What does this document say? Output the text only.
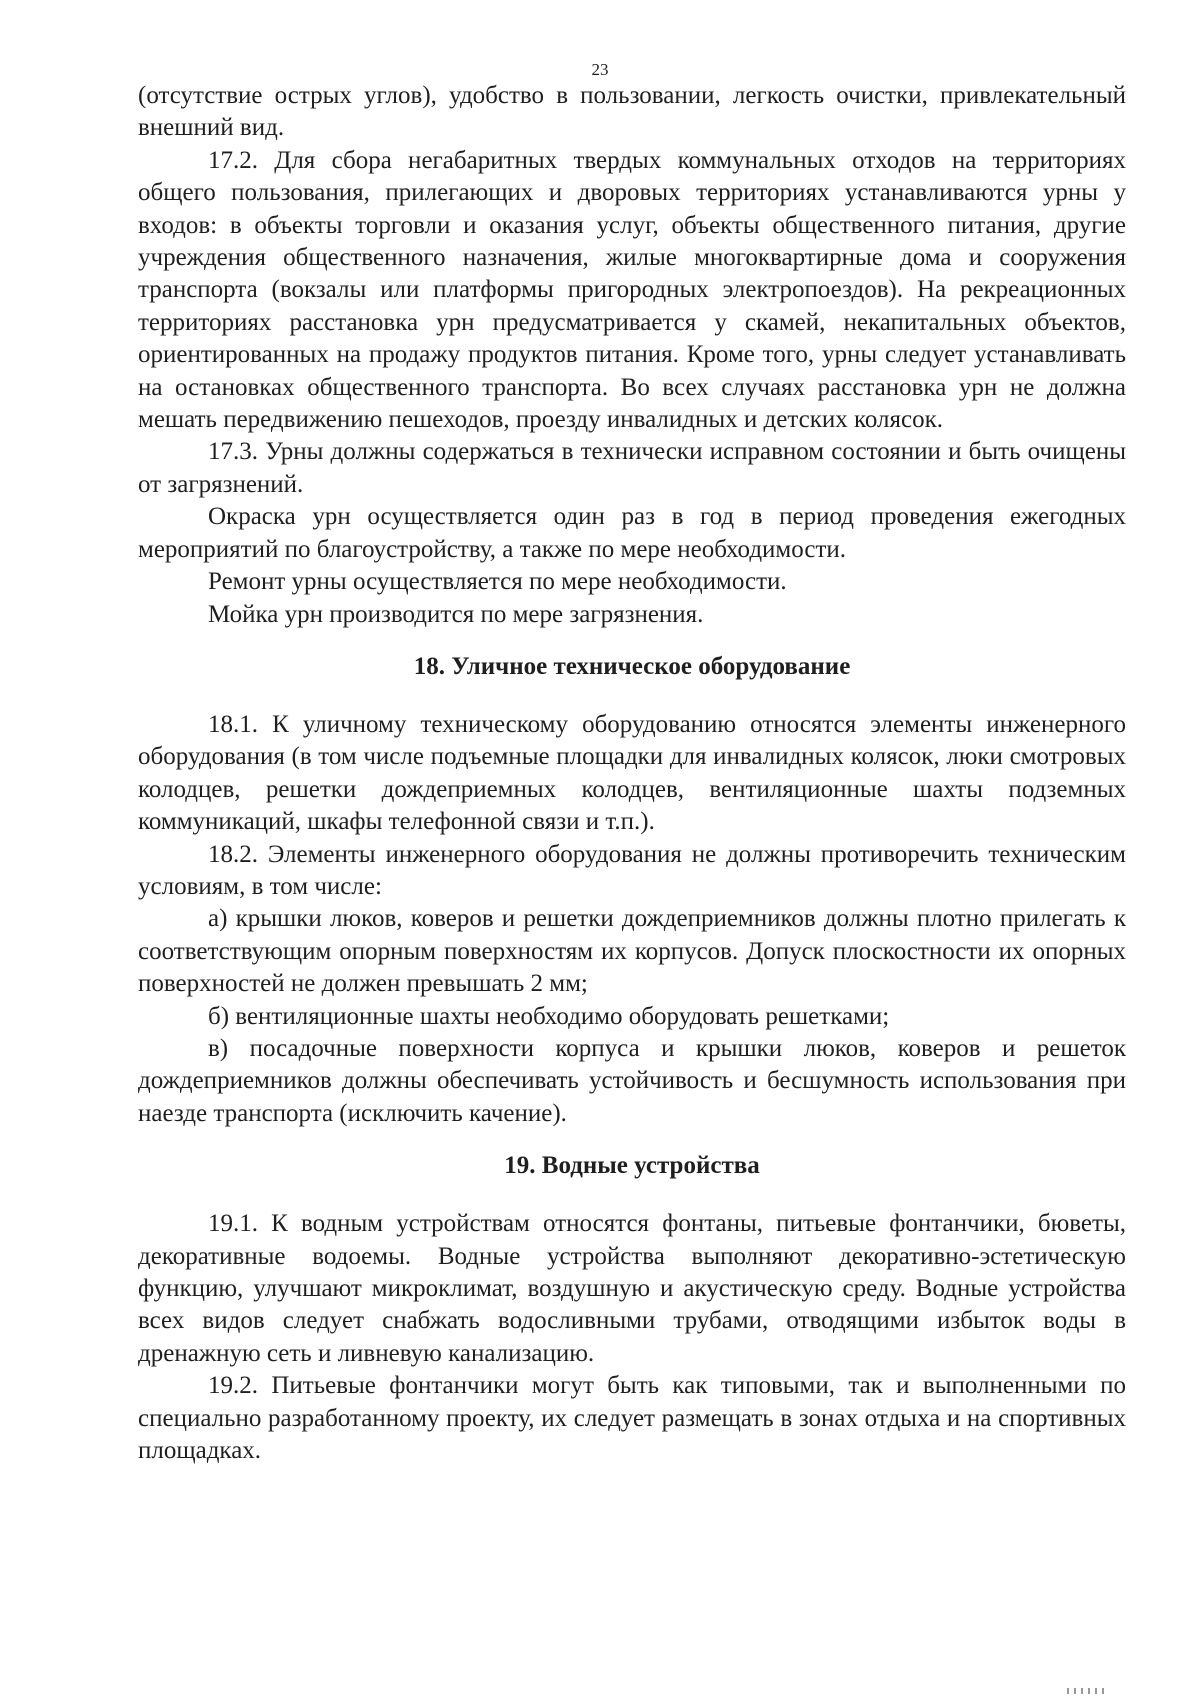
23

(отсутствие острых углов), удобство в пользовании, легкость очистки, привлекательный внешний вид.

17.2. Для сбора негабаритных твердых коммунальных отходов на территориях общего пользования, прилегающих и дворовых территориях устанавливаются урны у входов: в объекты торговли и оказания услуг, объекты общественного питания, другие учреждения общественного назначения, жилые многоквартирные дома и сооружения транспорта (вокзалы или платформы пригородных электропоездов). На рекреационных территориях расстановка урн предусматривается у скамей, некапитальных объектов, ориентированных на продажу продуктов питания. Кроме того, урны следует устанавливать на остановках общественного транспорта. Во всех случаях расстановка урн не должна мешать передвижению пешеходов, проезду инвалидных и детских колясок.

17.3. Урны должны содержаться в технически исправном состоянии и быть очищены от загрязнений.

Окраска урн осуществляется один раз в год в период проведения ежегодных мероприятий по благоустройству, а также по мере необходимости.

Ремонт урны осуществляется по мере необходимости.

Мойка урн производится по мере загрязнения.

18. Уличное техническое оборудование

18.1. К уличному техническому оборудованию относятся элементы инженерного оборудования (в том числе подъемные площадки для инвалидных колясок, люки смотровых колодцев, решетки дождеприемных колодцев, вентиляционные шахты подземных коммуникаций, шкафы телефонной связи и т.п.).

18.2. Элементы инженерного оборудования не должны противоречить техническим условиям, в том числе:

а) крышки люков, коверов и решетки дождеприемников должны плотно прилегать к соответствующим опорным поверхностям их корпусов. Допуск плоскостности их опорных поверхностей не должен превышать 2 мм;

б) вентиляционные шахты необходимо оборудовать решетками;

в) посадочные поверхности корпуса и крышки люков, коверов и решеток дождеприемников должны обеспечивать устойчивость и бесшумность использования при наезде транспорта (исключить качение).

19. Водные устройства

19.1. К водным устройствам относятся фонтаны, питьевые фонтанчики, бюветы, декоративные водоемы. Водные устройства выполняют декоративно-эстетическую функцию, улучшают микроклимат, воздушную и акустическую среду. Водные устройства всех видов следует снабжать водосливными трубами, отводящими избыток воды в дренажную сеть и ливневую канализацию.

19.2. Питьевые фонтанчики могут быть как типовыми, так и выполненными по специально разработанному проекту, их следует размещать в зонах отдыха и на спортивных площадках.
